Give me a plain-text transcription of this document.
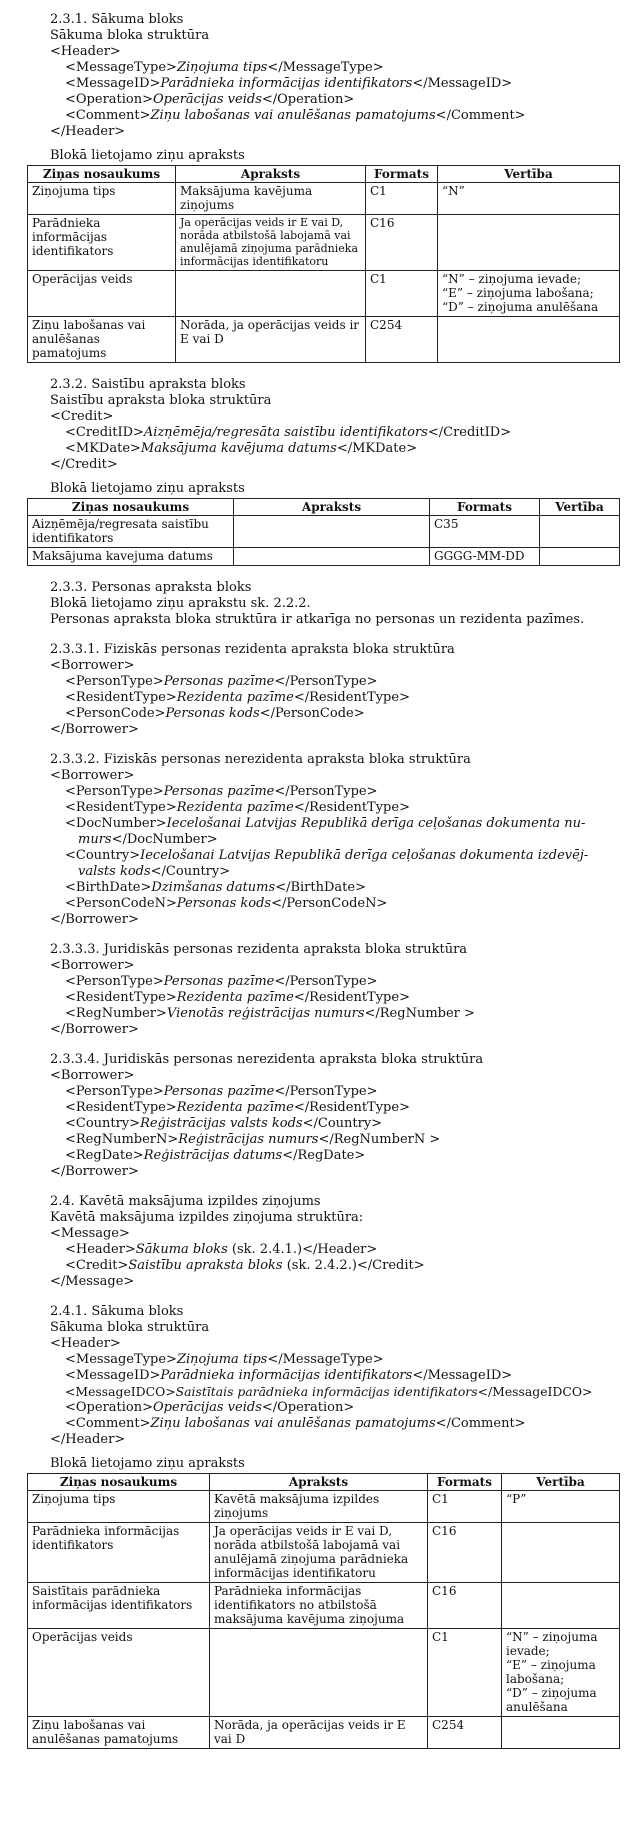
2.3.1. Sākuma bloks
Sākuma bloka struktūra
<Header>
<MessageType>Ziņojuma tips</MessageType>
<MessageID>Parādnieka informācijas identifikators</MessageID>
<Operation>Operācijas veids</Operation>
<Comment>Ziņu labošanas vai anulēšanas pamatojums</Comment>
</Header>
Blokā lietojamo ziņu apraksts
Ziņas nosaukums	Apraksts	Formats	Vertība
Ziņojuma tips	Maksājuma kavējuma ziņojums	C1	“N”
Parādnieka informācijas identifikators	Ja operācijas veids ir E vai D, norāda atbilstošā labojamā vai anulējamā ziņojuma parādnieka informācijas identifikatoru	C16	
Operācijas veids		C1	“N” – ziņojuma ievade;
“E” – ziņojuma labošana;
“D” – ziņojuma anulēšana

Ziņu labošanas vai anulēšanas pamatojums	Norāda, ja operācijas veids ir E vai D	C254	
2.3.2. Saistību apraksta bloks
Saistību apraksta bloka struktūra
<Credit>
<CreditID>Aizņēmēja/regresāta saistību identifikators</CreditID>
<MKDate>Maksājuma kavējuma datums</MKDate>
</Credit>
Blokā lietojamo ziņu apraksts
Ziņas nosaukums	Apraksts	Formats	Vertība
Aizņēmēja/regresata saistību identifikators		C35	
Maksājuma kavejuma datums		GGGG-MM-DD	
2.3.3. Personas apraksta bloks
Blokā lietojamo ziņu aprakstu sk. 2.2.2.
Personas apraksta bloka struktūra ir atkarīga no personas un rezidenta pazīmes.
2.3.3.1. Fiziskās personas rezidenta apraksta bloka struktūra
<Borrower>
<PersonType>Personas pazīme</PersonType>
<ResidentType>Rezidenta pazīme</ResidentType>
<PersonCode>Personas kods</PersonCode>
</Borrower>
2.3.3.2. Fiziskās personas nerezidenta apraksta bloka struktūra
<Borrower>
<PersonType>Personas pazīme</PersonType>
<ResidentType>Rezidenta pazīme</ResidentType>
<DocNumber>Iecelošanai Latvijas Republikā derīga ceļošanas dokumenta nu-
murs</DocNumber>
<Country>Iecelošanai Latvijas Republikā derīga ceļošanas dokumenta izdevēj-
valsts kods</Country>
<BirthDate>Dzimšanas datums</BirthDate>
<PersonCodeN>Personas kods</PersonCodeN>
</Borrower>
2.3.3.3. Juridiskās personas rezidenta apraksta bloka struktūra
<Borrower>
<PersonType>Personas pazīme</PersonType>
<ResidentType>Rezidenta pazīme</ResidentType>
<RegNumber>Vienotās reģistrācijas numurs</RegNumber >
</Borrower>
2.3.3.4. Juridiskās personas nerezidenta apraksta bloka struktūra
<Borrower>
<PersonType>Personas pazīme</PersonType>
<ResidentType>Rezidenta pazīme</ResidentType>
<Country>Reģistrācijas valsts kods</Country>
<RegNumberN>Reģistrācijas numurs</RegNumberN >
<RegDate>Reģistrācijas datums</RegDate>
</Borrower>
2.4. Kavētā maksājuma izpildes ziņojums
Kavētā maksājuma izpildes ziņojuma struktūra:
<Message>
<Header>Sākuma bloks (sk. 2.4.1.)</Header>
<Credit>Saistību apraksta bloks (sk. 2.4.2.)</Credit>
</Message>
2.4.1. Sākuma bloks
Sākuma bloka struktūra
<Header>
<MessageType>Ziņojuma tips</MessageType>
<MessageID>Parādnieka informācijas identifikators</MessageID>
<MessageIDCO>Saistītais parādnieka informācijas identifikators</MessageIDCO>
<Operation>Operācijas veids</Operation>
<Comment>Ziņu labošanas vai anulēšanas pamatojums</Comment>
</Header>
Blokā lietojamo ziņu apraksts
Ziņas nosaukums	Apraksts	Formats	Vertība
Ziņojuma tips	Kavētā maksājuma izpildes ziņojums	C1	“P”
Parādnieka informācijas identifikators	Ja operācijas veids ir E vai D, norāda atbilstošā labojamā vai anulējamā ziņojuma parādnieka informācijas identifikatoru	C16	
Saistītais parādnieka informācijas identifikators	Parādnieka informācijas identifikators no atbilstošā maksājuma kavējuma ziņojuma	C16	
Operācijas veids		C1	“N” – ziņojuma ievade;
“E” – ziņojuma labošana;
“D” – ziņojuma anulēšana

Ziņu labošanas vai anulēšanas pamatojums	Norāda, ja operācijas veids ir E vai D	C254	
